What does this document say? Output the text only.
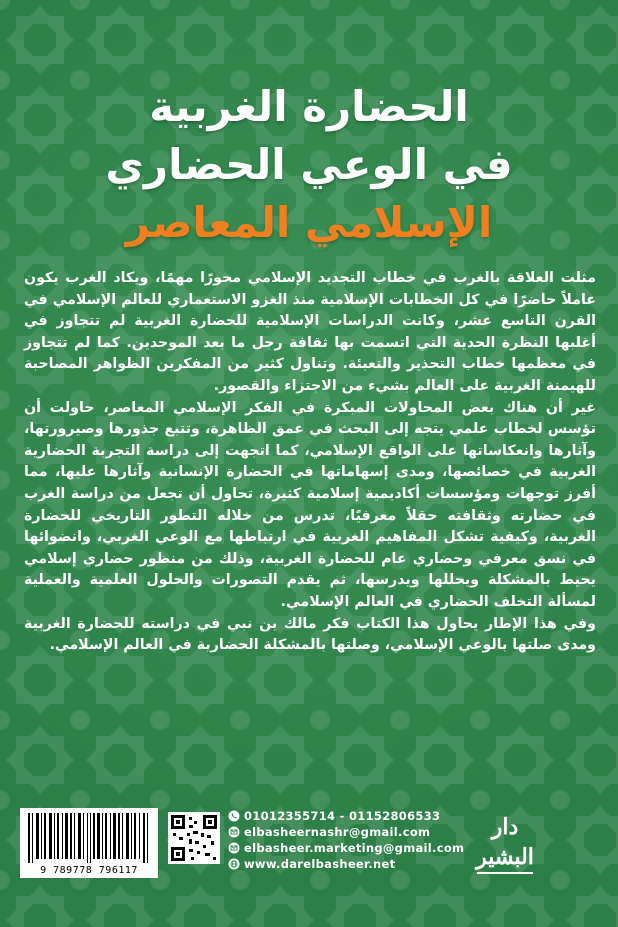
الحضارة الغربية
في الوعي الحضاري
الإسلامي المعاصر

مثلت العلاقة بالغرب في خطاب التجديد الإسلامي محورًا مهمًا، ويكاد الغرب يكون عاملاً حاضرًا في كل الخطابات الإسلامية منذ الغزو الاستعماري للعالم الإسلامي في القرن التاسع عشر، وكانت الدراسات الإسلامية للحضارة الغربية لم تتجاوز في أغلبها النظرة الحدية التي اتسمت بها ثقافة رجل ما بعد الموحدين. كما لم تتجاوز في معظمها خطاب التحذير والتعبئة. وتناول كثير من المفكرين الظواهر المصاحبة للهيمنة الغربية على العالم بشيء من الاجتزاء والقصور.

غير أن هناك بعض المحاولات المبكرة في الفكر الإسلامي المعاصر، حاولت أن تؤسس لخطاب علمي يتجه إلى البحث في عمق الظاهرة، وتتبع جذورها وصيرورتها، وآثارها وانعكاساتها على الواقع الإسلامي، كما اتجهت إلى دراسة التجربة الحضارية الغربية في خصائصها، ومدى إسهاماتها في الحضارة الإنسانية وآثارها عليها، مما أفرز توجهات ومؤسسات أكاديمية إسلامية كثيرة، تحاول أن تجعل من دراسة الغرب في حضارته وثقافته حقلاً معرفيًا، تدرس من خلاله التطور التاريخي للحضارة الغربية، وكيفية تشكل المفاهيم الغربية في ارتباطها مع الوعي الغربي، وانضوائها في نسق معرفي وحضاري عام للحضارة الغربية، وذلك من منظور حضاري إسلامي يحيط بالمشكلة ويحللها ويدرسها، ثم يقدم التصورات والحلول العلمية والعملية لمسألة التخلف الحضاري في العالم الإسلامي.

وفي هذا الإطار يحاول هذا الكتاب فكر مالك بن نبي في دراسته للحضارة الغربية ومدى صلتها بالوعي الإسلامي، وصلتها بالمشكلة الحضارية في العالم الإسلامي.

9 789778 796117
01012355714 - 01152806533
elbasheernashr@gmail.com
elbasheer.marketing@gmail.com
www.darelbasheer.net
دار البشير
